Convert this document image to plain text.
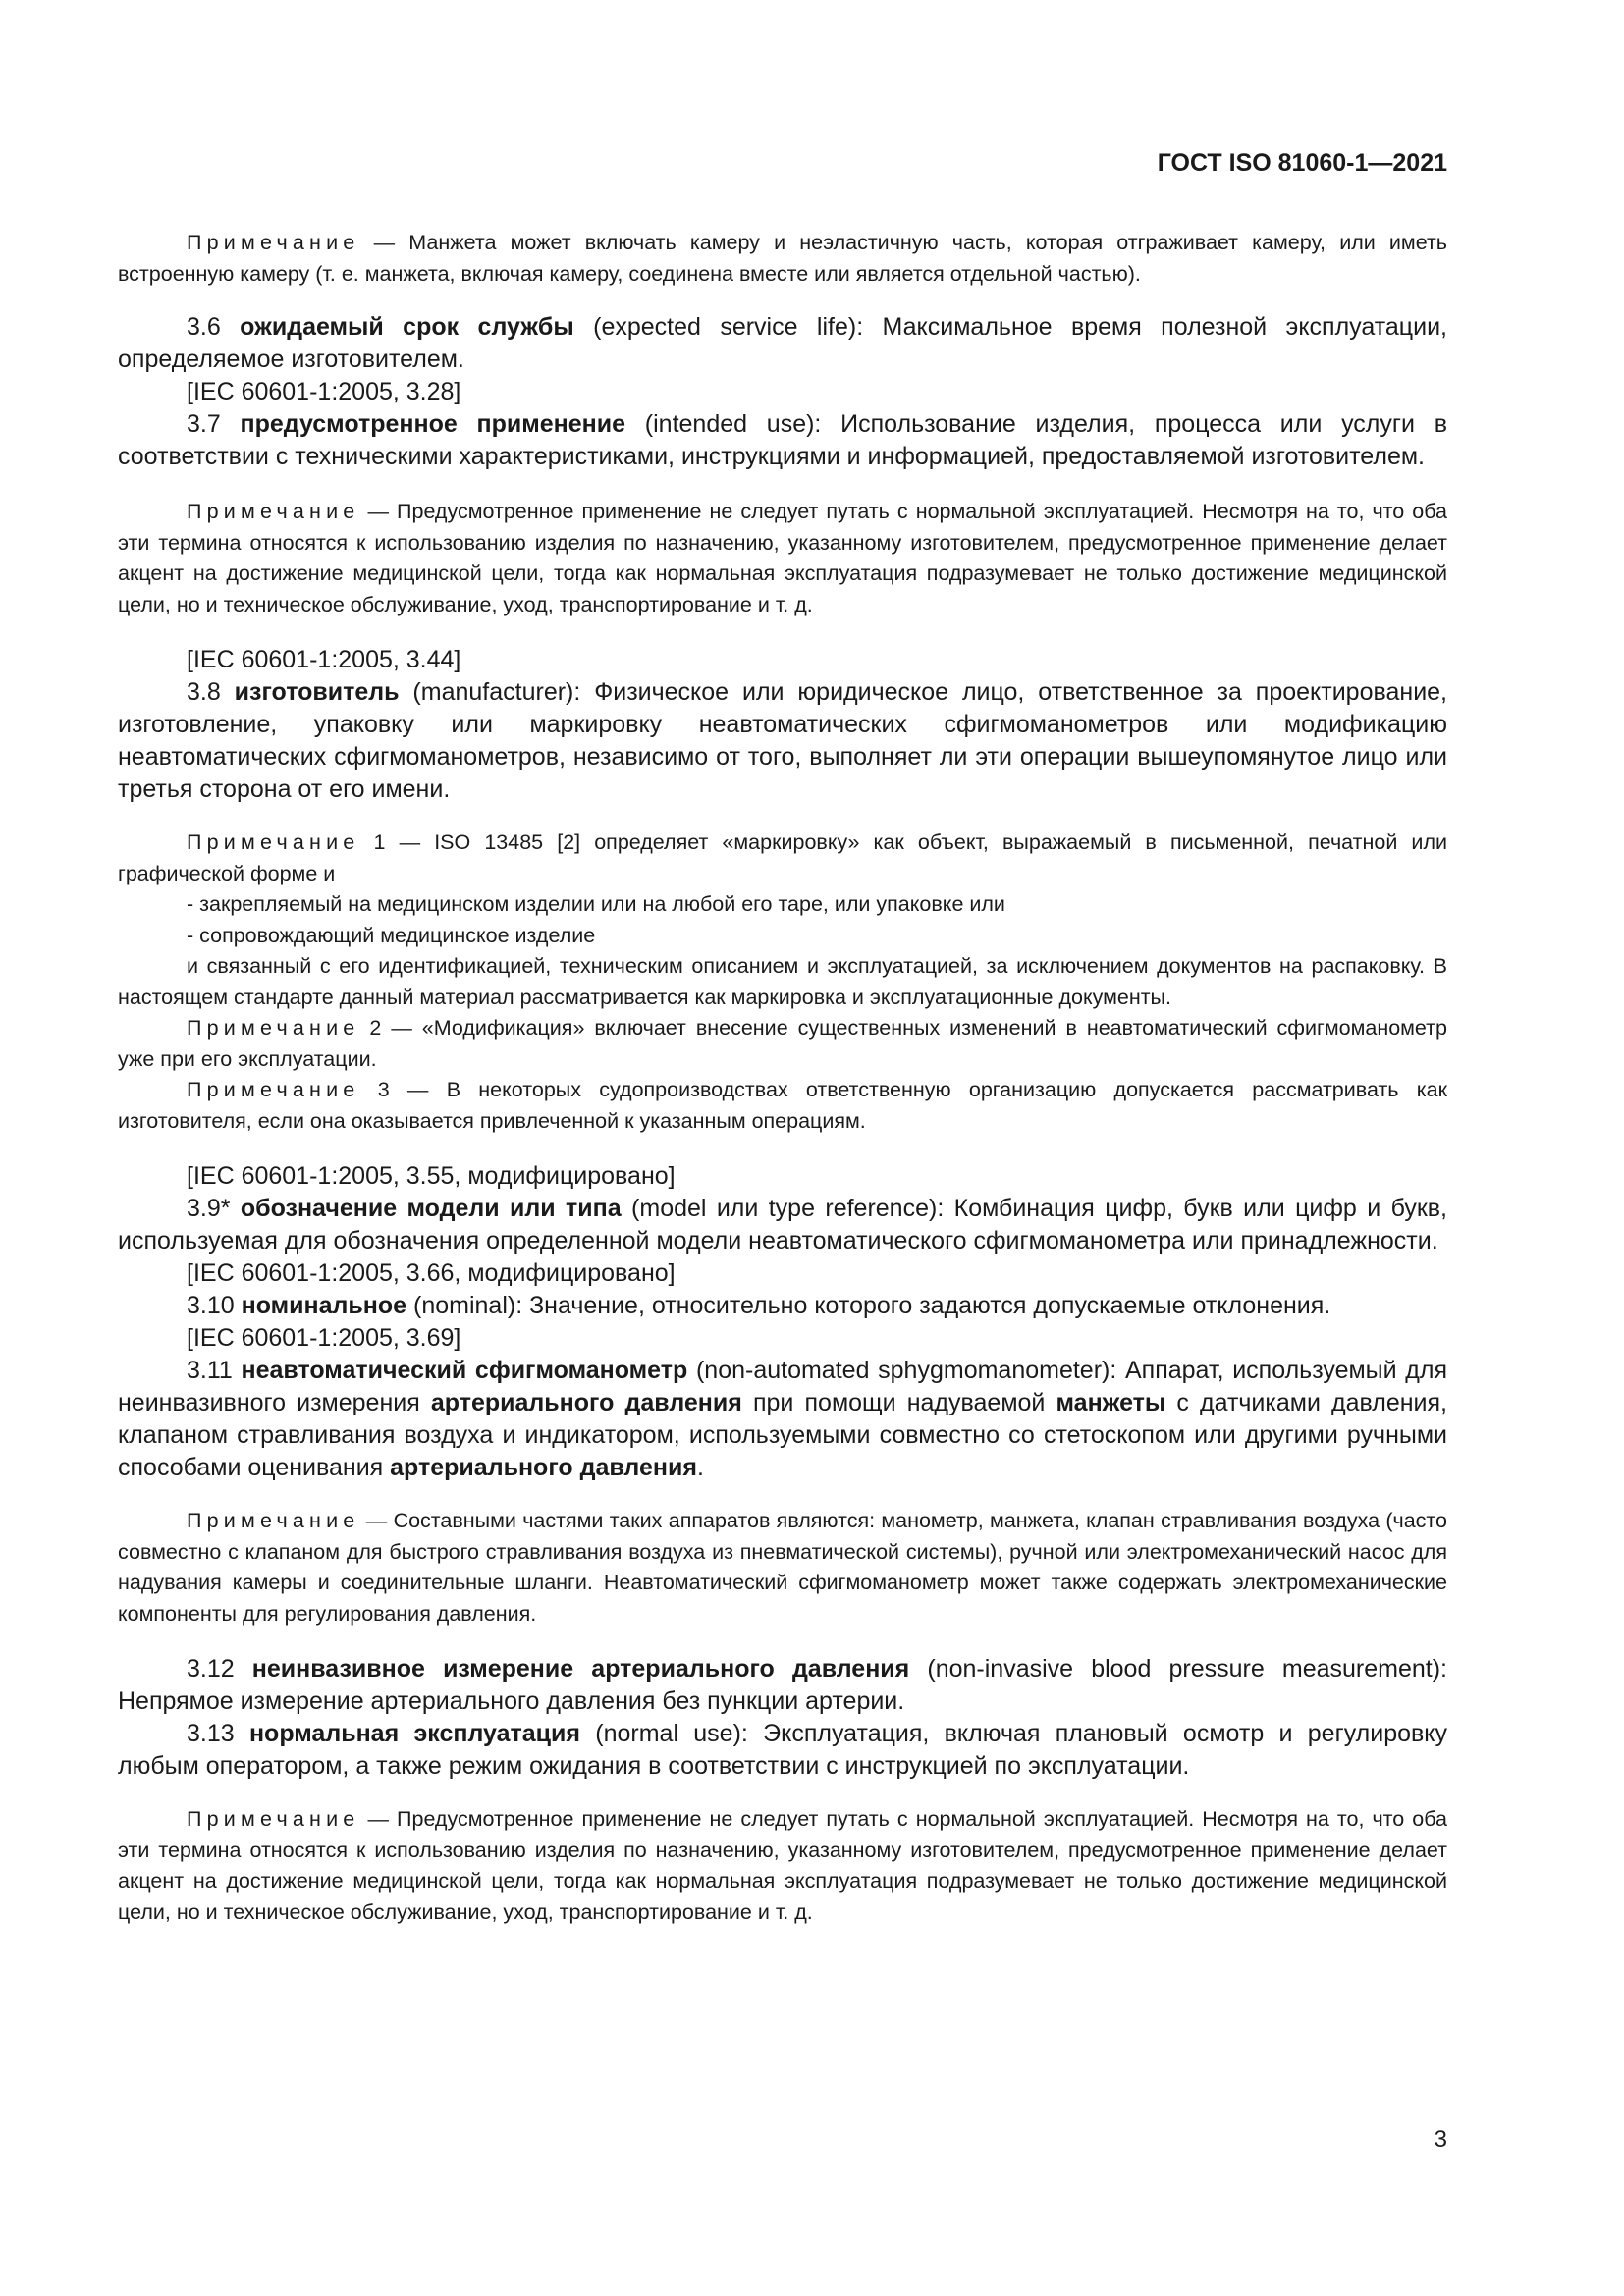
ГОСТ ISO 81060-1—2021

Примечание — Манжета может включать камеру и неэластичную часть, которая отграживает камеру, или иметь встроенную камеру (т. е. манжета, включая камеру, соединена вместе или является отдельной частью).

3.6 ожидаемый срок службы (expected service life): Максимальное время полезной эксплуатации, определяемое изготовителем.

[IEC 60601-1:2005, 3.28]

3.7 предусмотренное применение (intended use): Использование изделия, процесса или услуги в соответствии с техническими характеристиками, инструкциями и информацией, предоставляемой изготовителем.

Примечание — Предусмотренное применение не следует путать с нормальной эксплуатацией. Несмотря на то, что оба эти термина относятся к использованию изделия по назначению, указанному изготовителем, предусмотренное применение делает акцент на достижение медицинской цели, тогда как нормальная эксплуатация подразумевает не только достижение медицинской цели, но и техническое обслуживание, уход, транспортирование и т. д.

[IEC 60601-1:2005, 3.44]

3.8 изготовитель (manufacturer): Физическое или юридическое лицо, ответственное за проектирование, изготовление, упаковку или маркировку неавтоматических сфигмоманометров или модификацию неавтоматических сфигмоманометров, независимо от того, выполняет ли эти операции вышеупомянутое лицо или третья сторона от его имени.

Примечание 1 — ISO 13485 [2] определяет «маркировку» как объект, выражаемый в письменной, печатной или графической форме и

- закрепляемый на медицинском изделии или на любой его таре, или упаковке или

- сопровождающий медицинское изделие

и связанный с его идентификацией, техническим описанием и эксплуатацией, за исключением документов на распаковку. В настоящем стандарте данный материал рассматривается как маркировка и эксплуатационные документы.

Примечание 2 — «Модификация» включает внесение существенных изменений в неавтоматический сфигмоманометр уже при его эксплуатации.

Примечание 3 — В некоторых судопроизводствах ответственную организацию допускается рассматривать как изготовителя, если она оказывается привлеченной к указанным операциям.

[IEC 60601-1:2005, 3.55, модифицировано]

3.9* обозначение модели или типа (model или type reference): Комбинация цифр, букв или цифр и букв, используемая для обозначения определенной модели неавтоматического сфигмоманометра или принадлежности.

[IEC 60601-1:2005, 3.66, модифицировано]

3.10 номинальное (nominal): Значение, относительно которого задаются допускаемые отклонения.

[IEC 60601-1:2005, 3.69]

3.11 неавтоматический сфигмоманометр (non-automated sphygmomanometer): Аппарат, используемый для неинвазивного измерения артериального давления при помощи надуваемой манжеты с датчиками давления, клапаном стравливания воздуха и индикатором, используемыми совместно со стетоскопом или другими ручными способами оценивания артериального давления.

Примечание — Составными частями таких аппаратов являются: манометр, манжета, клапан стравливания воздуха (часто совместно с клапаном для быстрого стравливания воздуха из пневматической системы), ручной или электромеханический насос для надувания камеры и соединительные шланги. Неавтоматический сфигмоманометр может также содержать электромеханические компоненты для регулирования давления.

3.12 неинвазивное измерение артериального давления (non-invasive blood pressure measurement): Непрямое измерение артериального давления без пункции артерии.

3.13 нормальная эксплуатация (normal use): Эксплуатация, включая плановый осмотр и регулировку любым оператором, а также режим ожидания в соответствии с инструкцией по эксплуатации.

Примечание — Предусмотренное применение не следует путать с нормальной эксплуатацией. Несмотря на то, что оба эти термина относятся к использованию изделия по назначению, указанному изготовителем, предусмотренное применение делает акцент на достижение медицинской цели, тогда как нормальная эксплуатация подразумевает не только достижение медицинской цели, но и техническое обслуживание, уход, транспортирование и т. д.

3
